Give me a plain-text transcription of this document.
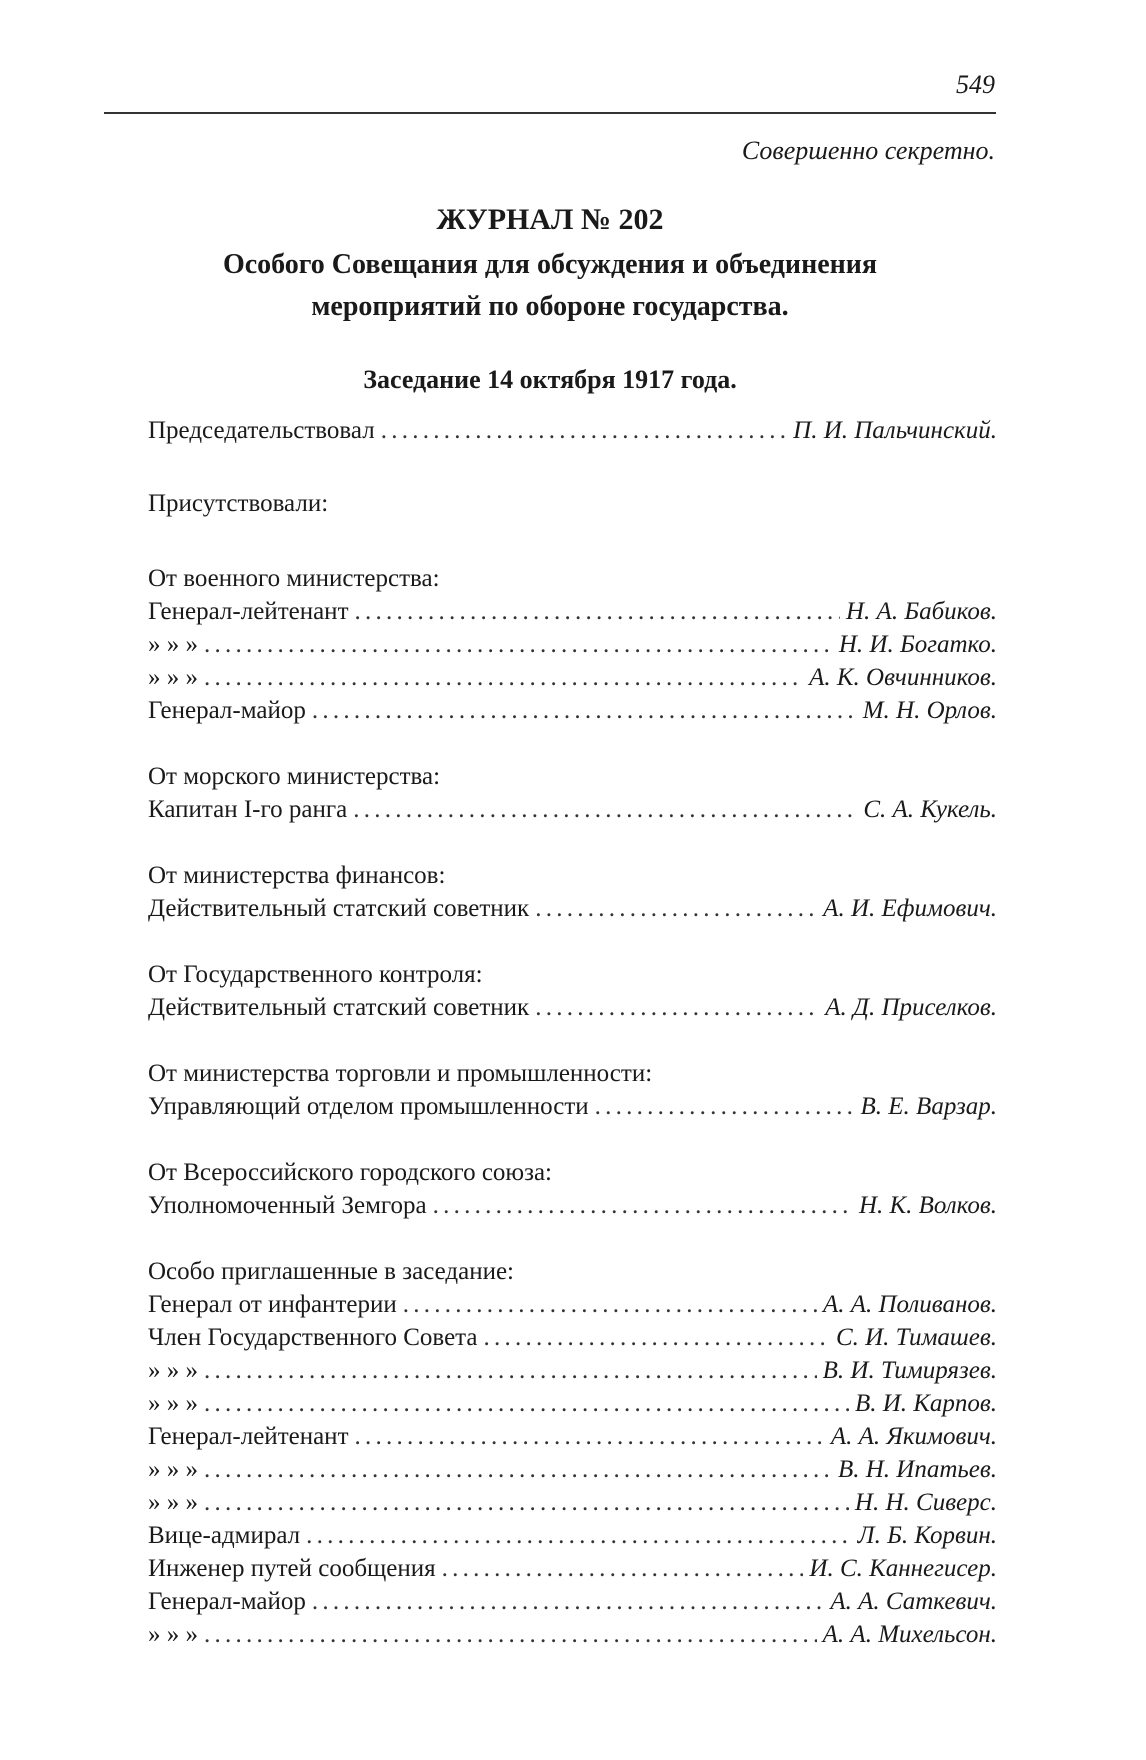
549
Совершенно секретно.

ЖУРНАЛ № 202

Особого Совещания для обсуждения и объединения
мероприятий по обороне государства.

Заседание 14 октября 1917 года.

Председательствовал . . .	П. И. Пальчинский.
Присутствовали:
От военного министерства:
Генерал-лейтенант . . .	Н. А. Бабиков.
» » » . . .	Н. И. Богатко.
» » » . . .	А. К. Овчинников.
Генерал-майор . . .	М. Н. Орлов.
От морского министерства:
Капитан I-го ранга . . .	С. А. Кукель.
От министерства финансов:
Действительный статский советник . . .	А. И. Ефимович.
От Государственного контроля:
Действительный статский советник . . .	А. Д. Приселков.
От министерства торговли и промышленности:
Управляющий отделом промышленности . . .	В. Е. Варзар.
От Всероссийского городского союза:
Уполномоченный Земгора . . .	Н. К. Волков.
Особо приглашенные в заседание:
Генерал от инфантерии . . .	А. А. Поливанов.
Член Государственного Совета . . .	С. И. Тимашев.
» » » . . .	В. И. Тимирязев.
» » » . . .	В. И. Карпов.
Генерал-лейтенант . . .	А. А. Якимович.
» » » . . .	В. Н. Ипатьев.
» » » . . .	Н. Н. Сиверс.
Вице-адмирал . . .	Л. Б. Корвин.
Инженер путей сообщения . . .	И. С. Каннегисер.
Генерал-майор . . .	А. А. Саткевич.
» » » . . .	А. А. Михельсон.
